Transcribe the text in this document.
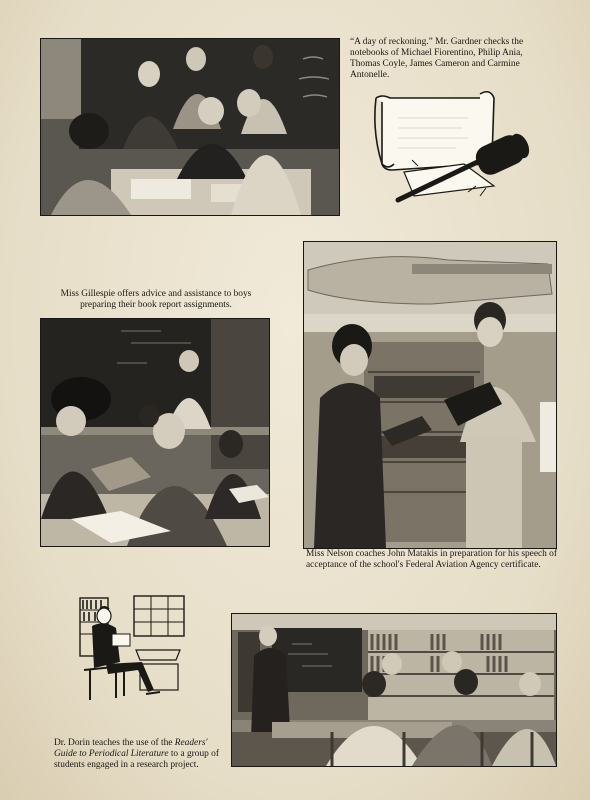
“A day of reckoning.” Mr. Gardner checks the notebooks of Michael Fiorentino, Philip Ania, Thomas Coyle, James Cameron and Carmine Antonelle.
Miss Gillespie offers advice and assistance to boys preparing their book report assignments.
Miss Nelson coaches John Matakis in preparation for his speech of acceptance of the school's Federal Aviation Agency certificate.
Dr. Dorin teaches the use of the Readers' Guide to Periodical Literature to a group of students engaged in a research project.
